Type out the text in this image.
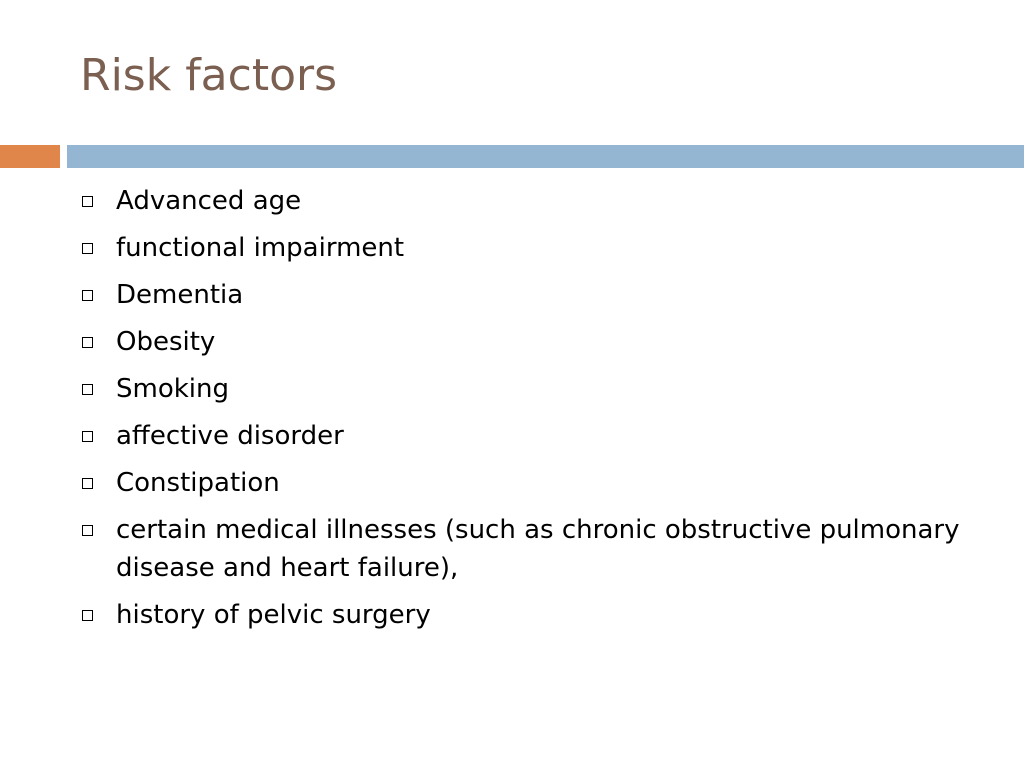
Risk factors
Advanced age
functional impairment
Dementia
Obesity
Smoking
affective disorder
Constipation
certain medical illnesses (such as chronic obstructive pulmonary disease and heart failure),
history of pelvic surgery
